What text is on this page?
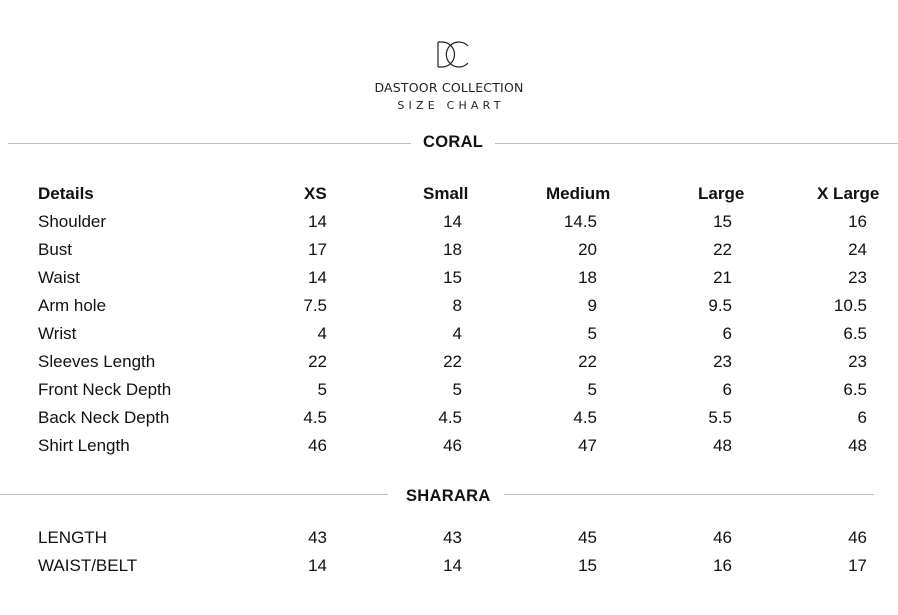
DASTOOR COLLECTION
SIZE CHART
CORAL
Details	XS	Small	Medium	Large	X Large
Shoulder	14	14	14.5	15	16
Bust	17	18	20	22	24
Waist	14	15	18	21	23
Arm hole	7.5	8	9	9.5	10.5
Wrist	4	4	5	6	6.5
Sleeves Length	22	22	22	23	23
Front Neck Depth	5	5	5	6	6.5
Back Neck Depth	4.5	4.5	4.5	5.5	6
Shirt Length	46	46	47	48	48
SHARARA
LENGTH	43	43	45	46	46
WAIST/BELT	14	14	15	16	17
